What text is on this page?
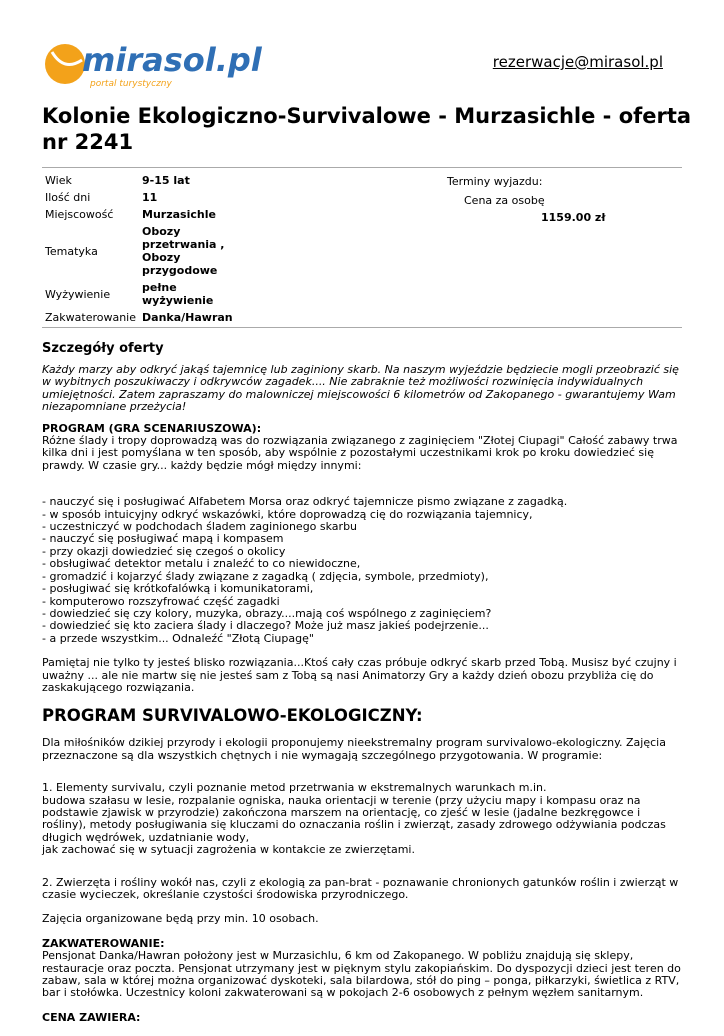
mirasol.pl
portal turystyczny
rezerwacje@mirasol.pl
Kolonie Ekologiczno-Survivalowe - Murzasichle - oferta nr 2241
Wiek	9-15 lat
Ilość dni	11
Miejscowość	Murzasichle
Tematyka	Obozy przetrwania , Obozy przygodowe
Wyżywienie	pełne wyżywienie
Zakwaterowanie	Danka/Hawran
Terminy wyjazdu:
Cena za osobę
1159.00 zł
Szczegóły oferty

Każdy marzy aby odkryć jakąś tajemnicę lub zaginiony skarb. Na naszym wyjeździe będziecie mogli przeobrazić się w wybitnych poszukiwaczy i odkrywców zagadek.... Nie zabraknie też możliwości rozwinięcia indywidualnych umiejętności. Zatem zapraszamy do malowniczej miejscowości 6 kilometrów od Zakopanego - gwarantujemy Wam niezapomniane przeżycia!

PROGRAM (GRA SCENARIUSZOWA):
Różne ślady i tropy doprowadzą was do rozwiązania związanego z zaginięciem "Złotej Ciupagi" Całość zabawy trwa kilka dni i jest pomyślana w ten sposób, aby wspólnie z pozostałymi uczestnikami krok po kroku dowiedzieć się prawdy. W czasie gry... każdy będzie mógł między innymi:

- nauczyć się i posługiwać Alfabetem Morsa oraz odkryć tajemnicze pismo związane z zagadką.
- w sposób intuicyjny odkryć wskazówki, które doprowadzą cię do rozwiązania tajemnicy,
- uczestniczyć w podchodach śladem zaginionego skarbu
- nauczyć się posługiwać mapą i kompasem
- przy okazji dowiedzieć się czegoś o okolicy
- obsługiwać detektor metalu i znaleźć to co niewidoczne,
- gromadzić i kojarzyć ślady związane z zagadką ( zdjęcia, symbole, przedmioty),
- posługiwać się krótkofalówką i komunikatorami,
- komputerowo rozszyfrować część zagadki
- dowiedzieć się czy kolory, muzyka, obrazy....mają coś wspólnego z zaginięciem?
- dowiedzieć się kto zaciera ślady i dlaczego? Może już masz jakieś podejrzenie...
- a przede wszystkim... Odnaleźć "Złotą Ciupagę"

Pamiętaj nie tylko ty jesteś blisko rozwiązania...Ktoś cały czas próbuje odkryć skarb przed Tobą. Musisz być czujny i uważny ... ale nie martw się nie jesteś sam z Tobą są nasi Animatorzy Gry a każdy dzień obozu przybliża cię do zaskakującego rozwiązania.

PROGRAM SURVIVALOWO-EKOLOGICZNY:

Dla miłośników dzikiej przyrody i ekologii proponujemy nieekstremalny program survivalowo-ekologiczny. Zajęcia przeznaczone są dla wszystkich chętnych i nie wymagają szczególnego przygotowania. W programie:

1. Elementy survivalu, czyli poznanie metod przetrwania w ekstremalnych warunkach m.in.
budowa szałasu w lesie, rozpalanie ogniska, nauka orientacji w terenie (przy użyciu mapy i kompasu oraz na podstawie zjawisk w przyrodzie) zakończona marszem na orientację, co zjeść w lesie (jadalne bezkręgowce i rośliny), metody posługiwania się kluczami do oznaczania roślin i zwierząt, zasady zdrowego odżywiania podczas długich wędrówek, uzdatnianie wody,
jak zachować się w sytuacji zagrożenia w kontakcie ze zwierzętami.

2. Zwierzęta i rośliny wokół nas, czyli z ekologią za pan-brat - poznawanie chronionych gatunków roślin i zwierząt w czasie wycieczek, określanie czystości środowiska przyrodniczego.

Zajęcia organizowane będą przy min. 10 osobach.

ZAKWATEROWANIE:
Pensjonat Danka/Hawran położony jest w Murzasichlu, 6 km od Zakopanego. W pobliżu znajdują się sklepy, restauracje oraz poczta. Pensjonat utrzymany jest w pięknym stylu zakopiańskim. Do dyspozycji dzieci jest teren do zabaw, sala w której można organizować dyskoteki, sala bilardowa, stół do ping – ponga, piłkarzyki, świetlica z RTV, bar i stołówka. Uczestnicy koloni zakwaterowani są w pokojach 2-6 osobowych z pełnym węzłem sanitarnym.

CENA ZAWIERA:
